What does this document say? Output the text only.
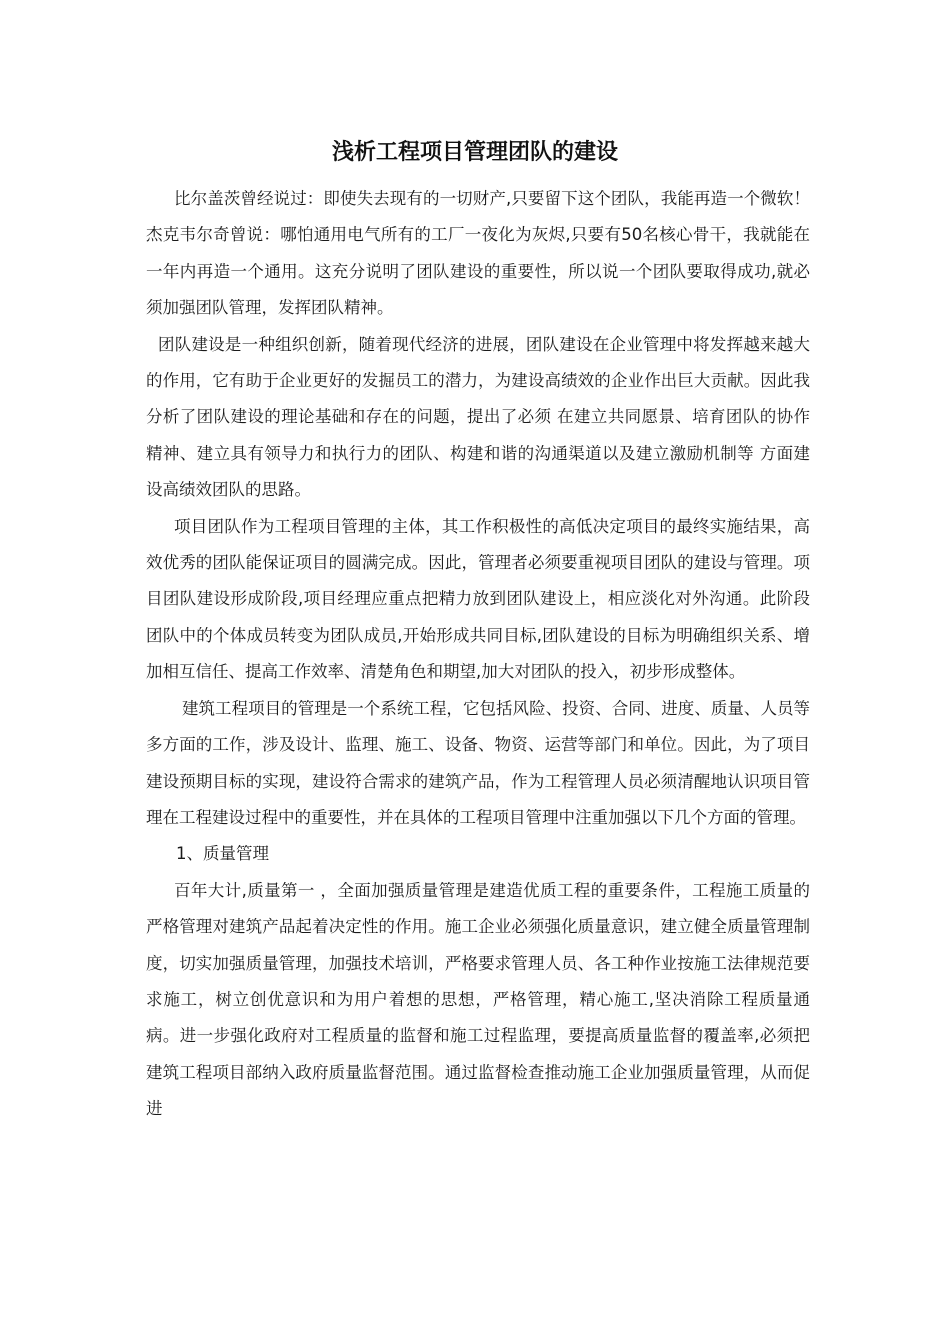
浅析工程项目管理团队的建设

比尔盖茨曾经说过：即使失去现有的一切财产,只要留下这个团队，我能再造一个微软！杰克韦尔奇曾说：哪怕通用电气所有的工厂一夜化为灰烬,只要有50名核心骨干，我就能在一年内再造一个通用。这充分说明了团队建设的重要性，所以说一个团队要取得成功,就必须加强团队管理，发挥团队精神。

团队建设是一种组织创新，随着现代经济的进展，团队建设在企业管理中将发挥越来越大的作用，它有助于企业更好的发掘员工的潜力，为建设高绩效的企业作出巨大贡献。因此我分析了团队建设的理论基础和存在的问题，提出了必须 在建立共同愿景、培育团队的协作精神、建立具有领导力和执行力的团队、构建和谐的沟通渠道以及建立激励机制等 方面建设高绩效团队的思路。

项目团队作为工程项目管理的主体，其工作积极性的高低决定项目的最终实施结果，高效优秀的团队能保证项目的圆满完成。因此，管理者必须要重视项目团队的建设与管理。项目团队建设形成阶段,项目经理应重点把精力放到团队建设上，相应淡化对外沟通。此阶段团队中的个体成员转变为团队成员,开始形成共同目标,团队建设的目标为明确组织关系、增加相互信任、提高工作效率、清楚角色和期望,加大对团队的投入，初步形成整体。

建筑工程项目的管理是一个系统工程，它包括风险、投资、合同、进度、质量、人员等多方面的工作，涉及设计、监理、施工、设备、物资、运营等部门和单位。因此，为了项目建设预期目标的实现，建设符合需求的建筑产品，作为工程管理人员必须清醒地认识项目管理在工程建设过程中的重要性，并在具体的工程项目管理中注重加强以下几个方面的管理。

1、质量管理

百年大计,质量第一 ，全面加强质量管理是建造优质工程的重要条件，工程施工质量的严格管理对建筑产品起着决定性的作用。施工企业必须强化质量意识，建立健全质量管理制度，切实加强质量管理，加强技术培训，严格要求管理人员、各工种作业按施工法律规范要求施工，树立创优意识和为用户着想的思想，严格管理，精心施工,坚决消除工程质量通病。进一步强化政府对工程质量的监督和施工过程监理，要提高质量监督的覆盖率,必须把建筑工程项目部纳入政府质量监督范围。通过监督检查推动施工企业加强质量管理，从而促进
